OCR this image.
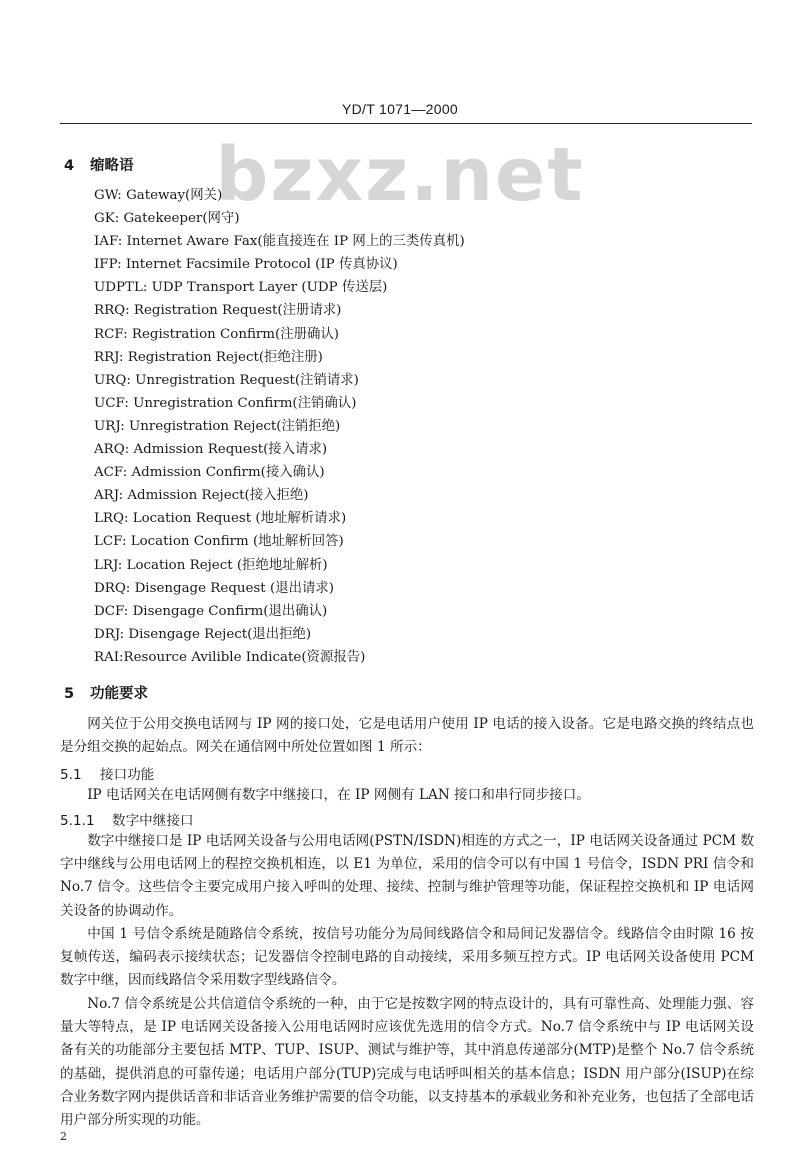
YD/T 1071—2000
bzxz.net
4 缩略语
GW: Gateway(网关)
GK: Gatekeeper(网守)
IAF: Internet Aware Fax(能直接连在 IP 网上的三类传真机)
IFP: Internet Facsimile Protocol (IP 传真协议)
UDPTL: UDP Transport Layer (UDP 传送层)
RRQ: Registration Request(注册请求)
RCF: Registration Confirm(注册确认)
RRJ: Registration Reject(拒绝注册)
URQ: Unregistration Request(注销请求)
UCF: Unregistration Confirm(注销确认)
URJ: Unregistration Reject(注销拒绝)
ARQ: Admission Request(接入请求)
ACF: Admission Confirm(接入确认)
ARJ: Admission Reject(接入拒绝)
LRQ: Location Request (地址解析请求)
LCF: Location Confirm (地址解析回答)
LRJ: Location Reject (拒绝地址解析)
DRQ: Disengage Request (退出请求)
DCF: Disengage Confirm(退出确认)
DRJ: Disengage Reject(退出拒绝)
RAI:Resource Avilible Indicate(资源报告)
5 功能要求

网关位于公用交换电话网与 IP 网的接口处，它是电话用户使用 IP 电话的接入设备。它是电路交换的终结点也是分组交换的起始点。网关在通信网中所处位置如图 1 所示：

5.1 接口功能

IP 电话网关在电话网侧有数字中继接口，在 IP 网侧有 LAN 接口和串行同步接口。

5.1.1 数字中继接口

数字中继接口是 IP 电话网关设备与公用电话网(PSTN/ISDN)相连的方式之一，IP 电话网关设备通过 PCM 数字中继线与公用电话网上的程控交换机相连，以 E1 为单位，采用的信令可以有中国 1 号信令，ISDN PRI 信令和 No.7 信令。这些信令主要完成用户接入呼叫的处理、接续、控制与维护管理等功能，保证程控交换机和 IP 电话网关设备的协调动作。

中国 1 号信令系统是随路信令系统，按信号功能分为局间线路信令和局间记发器信令。线路信令由时隙 16 按复帧传送，编码表示接续状态；记发器信令控制电路的自动接续，采用多频互控方式。IP 电话网关设备使用 PCM 数字中继，因而线路信令采用数字型线路信令。

No.7 信令系统是公共信道信令系统的一种，由于它是按数字网的特点设计的，具有可靠性高、处理能力强、容量大等特点，是 IP 电话网关设备接入公用电话网时应该优先选用的信令方式。No.7 信令系统中与 IP 电话网关设备有关的功能部分主要包括 MTP、TUP、ISUP、测试与维护等，其中消息传递部分(MTP)是整个 No.7 信令系统的基础，提供消息的可靠传递；电话用户部分(TUP)完成与电话呼叫相关的基本信息；ISDN 用户部分(ISUP)在综合业务数字网内提供话音和非话音业务维护需要的信令功能，以支持基本的承载业务和补充业务，也包括了全部电话用户部分所实现的功能。

2
